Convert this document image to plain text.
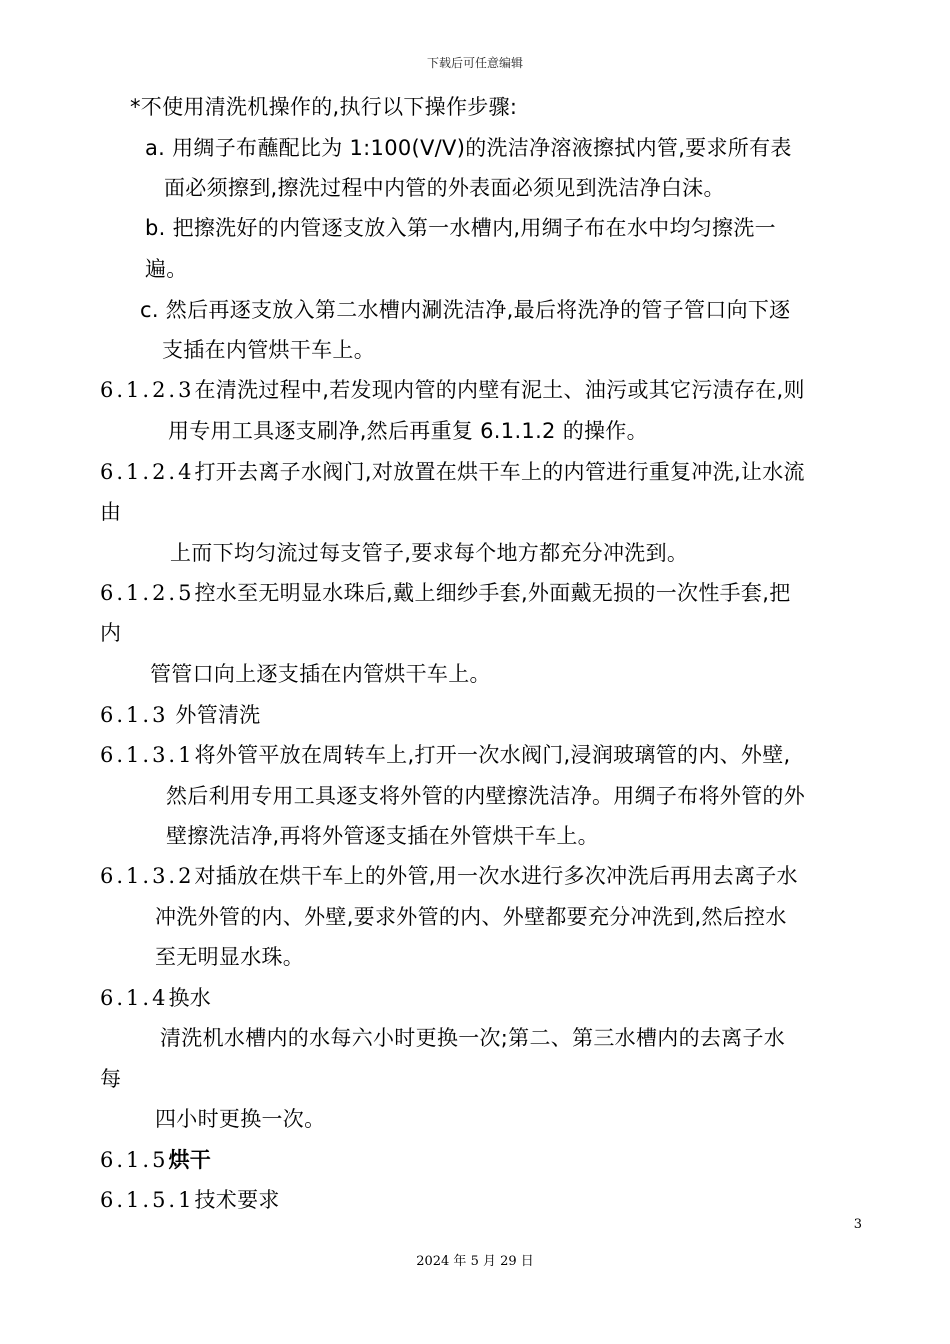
下载后可任意编辑
*不使用清洗机操作的,执行以下操作步骤:
a. 用绸子布蘸配比为 1:100(V/V)的洗洁净溶液擦拭内管,要求所有表
面必须擦到,擦洗过程中内管的外表面必须见到洗洁净白沫。
b. 把擦洗好的内管逐支放入第一水槽内,用绸子布在水中均匀擦洗一
遍。
c. 然后再逐支放入第二水槽内涮洗洁净,最后将洗净的管子管口向下逐
支插在内管烘干车上。
6.1.2.3在清洗过程中,若发现内管的内壁有泥土、油污或其它污渍存在,则
用专用工具逐支刷净,然后再重复 6.1.1.2 的操作。
6.1.2.4打开去离子水阀门,对放置在烘干车上的内管进行重复冲洗,让水流
由
上而下均匀流过每支管子,要求每个地方都充分冲洗到。
6.1.2.5控水至无明显水珠后,戴上细纱手套,外面戴无损的一次性手套,把
内
管管口向上逐支插在内管烘干车上。
6.1.3 外管清洗
6.1.3.1将外管平放在周转车上,打开一次水阀门,浸润玻璃管的内、外壁,
然后利用专用工具逐支将外管的内壁擦洗洁净。用绸子布将外管的外
壁擦洗洁净,再将外管逐支插在外管烘干车上。
6.1.3.2对插放在烘干车上的外管,用一次水进行多次冲洗后再用去离子水
冲洗外管的内、外壁,要求外管的内、外壁都要充分冲洗到,然后控水
至无明显水珠。
6.1.4换水
清洗机水槽内的水每六小时更换一次;第二、第三水槽内的去离子水
每
四小时更换一次。
6.1.5烘干
6.1.5.1技术要求
3
2024 年 5 月 29 日
